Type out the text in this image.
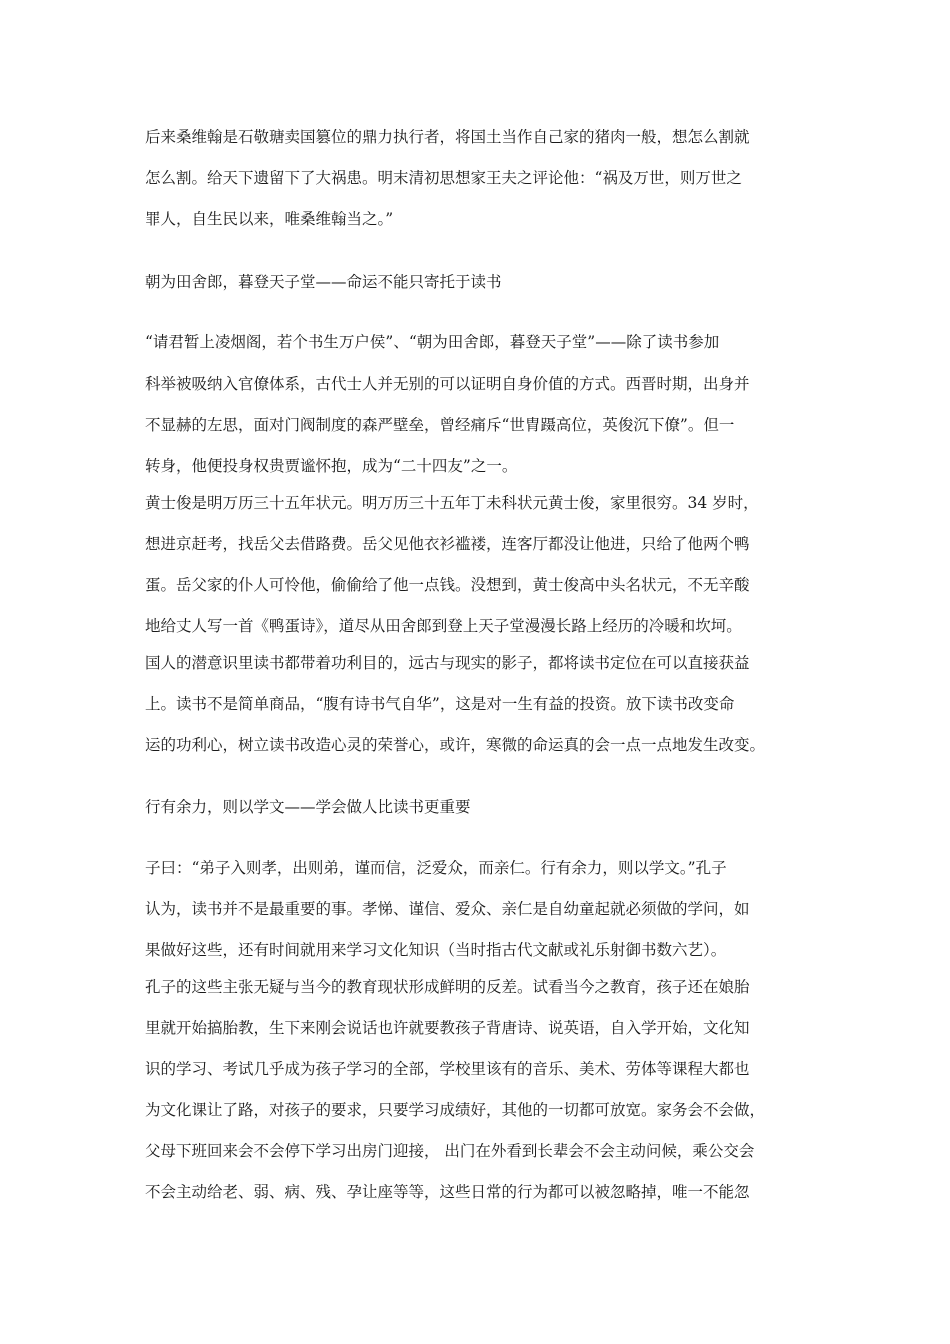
后来桑维翰是石敬瑭卖国篡位的鼎力执行者，将国土当作自己家的猪肉一般，想怎么割就
怎么割。给天下遗留下了大祸患。明末清初思想家王夫之评论他：“祸及万世，则万世之
罪人，自生民以来，唯桑维翰当之。”
朝为田舍郎，暮登天子堂——命运不能只寄托于读书
“请君暂上凌烟阁，若个书生万户侯”、“朝为田舍郎，暮登天子堂”——除了读书参加
科举被吸纳入官僚体系，古代士人并无别的可以证明自身价值的方式。西晋时期，出身并
不显赫的左思，面对门阀制度的森严壁垒，曾经痛斥“世胄蹑高位，英俊沉下僚”。但一
转身，他便投身权贵贾谧怀抱，成为“二十四友”之一。
黄士俊是明万历三十五年状元。明万历三十五年丁未科状元黄士俊，家里很穷。34 岁时，
想进京赶考，找岳父去借路费。岳父见他衣衫褴褛，连客厅都没让他进，只给了他两个鸭
蛋。岳父家的仆人可怜他，偷偷给了他一点钱。没想到，黄士俊高中头名状元，不无辛酸
地给丈人写一首《鸭蛋诗》，道尽从田舍郎到登上天子堂漫漫长路上经历的冷暖和坎坷。
国人的潜意识里读书都带着功利目的，远古与现实的影子，都将读书定位在可以直接获益
上。读书不是简单商品，“腹有诗书气自华”，这是对一生有益的投资。放下读书改变命
运的功利心，树立读书改造心灵的荣誉心，或许，寒微的命运真的会一点一点地发生改变。
行有余力，则以学文——学会做人比读书更重要
子曰：“弟子入则孝，出则弟，谨而信，泛爱众，而亲仁。行有余力，则以学文。”孔子
认为，读书并不是最重要的事。孝悌、谨信、爱众、亲仁是自幼童起就必须做的学问，如
果做好这些，还有时间就用来学习文化知识（当时指古代文献或礼乐射御书数六艺）。
孔子的这些主张无疑与当今的教育现状形成鲜明的反差。试看当今之教育，孩子还在娘胎
里就开始搞胎教，生下来刚会说话也许就要教孩子背唐诗、说英语，自入学开始，文化知
识的学习、考试几乎成为孩子学习的全部，学校里该有的音乐、美术、劳体等课程大都也
为文化课让了路，对孩子的要求，只要学习成绩好，其他的一切都可放宽。家务会不会做，
父母下班回来会不会停下学习出房门迎接， 出门在外看到长辈会不会主动问候，乘公交会
不会主动给老、弱、病、残、孕让座等等，这些日常的行为都可以被忽略掉，唯一不能忽
